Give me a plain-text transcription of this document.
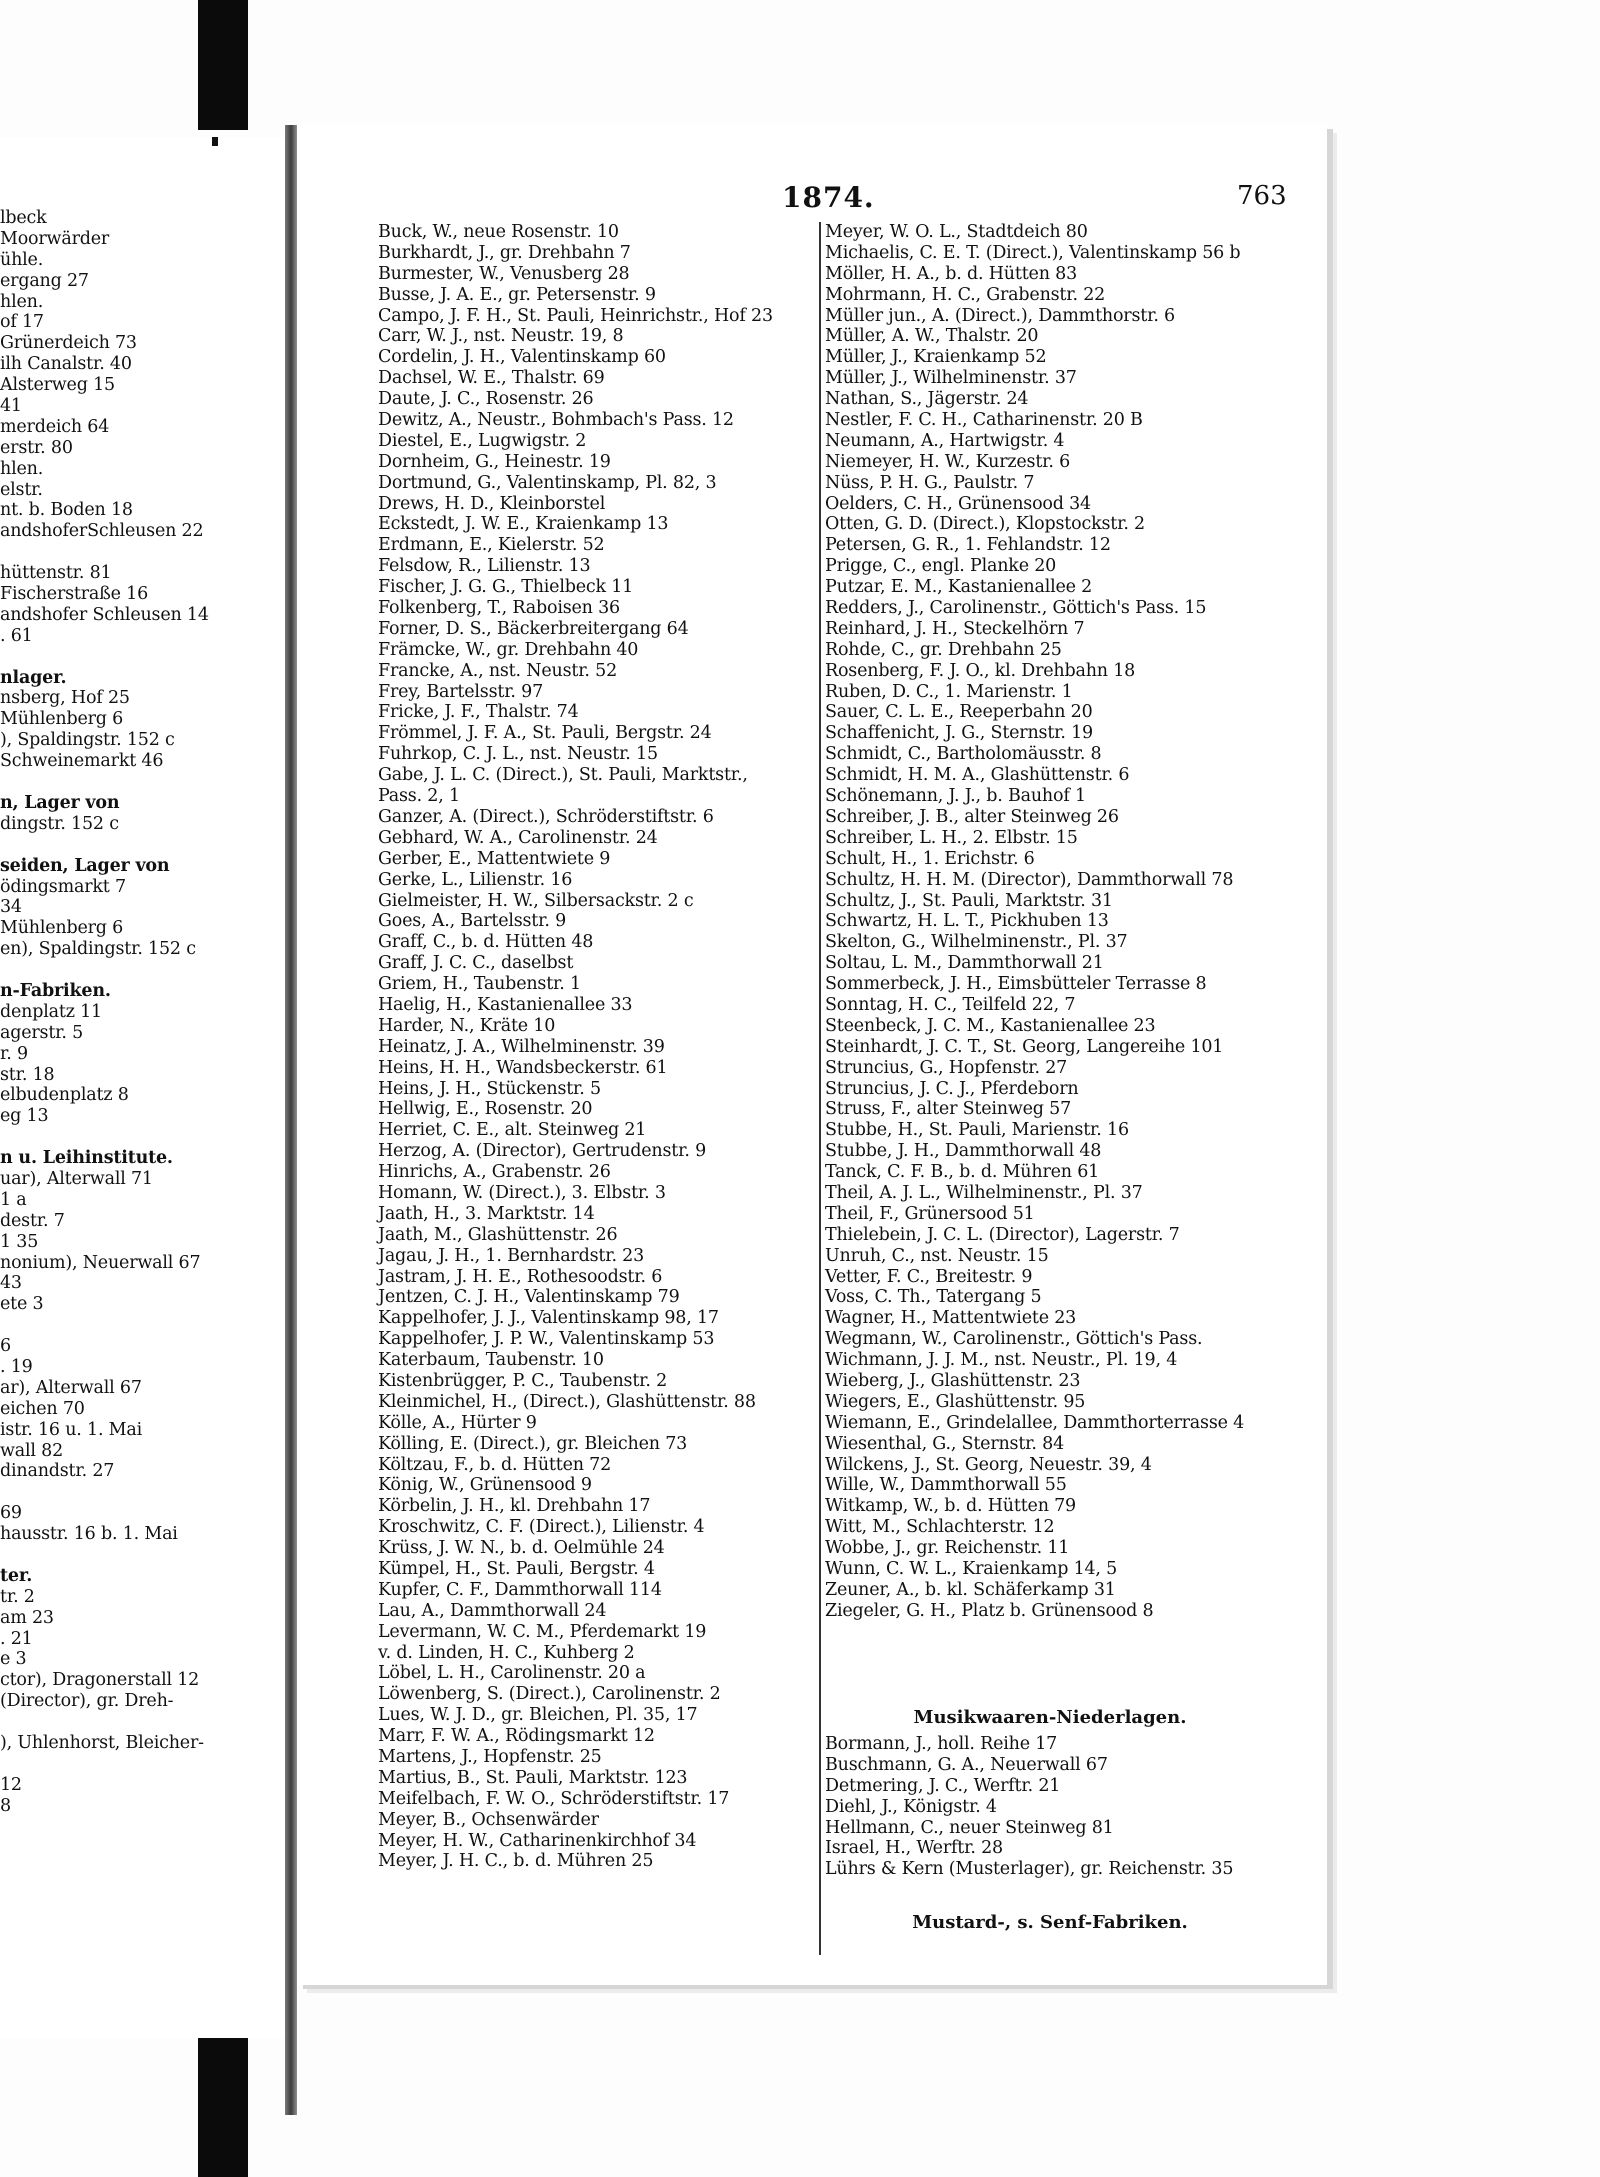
lbeck
Moorwärder
ühle.
ergang 27
hlen.
of 17
Grünerdeich 73
ilh Canalstr. 40
Alsterweg 15
41
merdeich 64
erstr. 80
hlen.
elstr.
nt. b. Boden 18
andshoferSchleusen 22
hüttenstr. 81
Fischerstraße 16
andshofer Schleusen 14
. 61
nlager.
nsberg, Hof 25
Mühlenberg 6
), Spaldingstr. 152 c
Schweinemarkt 46
n, Lager von
dingstr. 152 c
seiden, Lager von
ödingsmarkt 7
34
Mühlenberg 6
en), Spaldingstr. 152 c
n-Fabriken.
denplatz 11
agerstr. 5
r. 9
str. 18
elbudenplatz 8
eg 13
n u. Leihinstitute.
uar), Alterwall 71
1 a
destr. 7
1 35
nonium), Neuerwall 67
43
ete 3
6
. 19
ar), Alterwall 67
eichen 70
istr. 16 u. 1. Mai
wall 82
dinandstr. 27
69
hausstr. 16 b. 1. Mai
ter.
tr. 2
am 23
. 21
e 3
ctor), Dragonerstall 12
(Director), gr. Dreh-
), Uhlenhorst, Bleicher-
12
8
1874.	763
Buck, W., neue Rosenstr. 10
Burkhardt, J., gr. Drehbahn 7
Burmester, W., Venusberg 28
Busse, J. A. E., gr. Petersenstr. 9
Campo, J. F. H., St. Pauli, Heinrichstr., Hof 23
Carr, W. J., nst. Neustr. 19, 8
Cordelin, J. H., Valentinskamp 60
Dachsel, W. E., Thalstr. 69
Daute, J. C., Rosenstr. 26
Dewitz, A., Neustr., Bohmbach's Pass. 12
Diestel, E., Lugwigstr. 2
Dornheim, G., Heinestr. 19
Dortmund, G., Valentinskamp, Pl. 82, 3
Drews, H. D., Kleinborstel
Eckstedt, J. W. E., Kraienkamp 13
Erdmann, E., Kielerstr. 52
Felsdow, R., Lilienstr. 13
Fischer, J. G. G., Thielbeck 11
Folkenberg, T., Raboisen 36
Forner, D. S., Bäckerbreitergang 64
Främcke, W., gr. Drehbahn 40
Francke, A., nst. Neustr. 52
Frey, Bartelsstr. 97
Fricke, J. F., Thalstr. 74
Frömmel, J. F. A., St. Pauli, Bergstr. 24
Fuhrkop, C. J. L., nst. Neustr. 15
Gabe, J. L. C. (Direct.), St. Pauli, Marktstr.,
Pass. 2, 1
Ganzer, A. (Direct.), Schröderstiftstr. 6
Gebhard, W. A., Carolinenstr. 24
Gerber, E., Mattentwiete 9
Gerke, L., Lilienstr. 16
Gielmeister, H. W., Silbersackstr. 2 c
Goes, A., Bartelsstr. 9
Graff, C., b. d. Hütten 48
Graff, J. C. C., daselbst
Griem, H., Taubenstr. 1
Haelig, H., Kastanienallee 33
Harder, N., Kräte 10
Heinatz, J. A., Wilhelminenstr. 39
Heins, H. H., Wandsbeckerstr. 61
Heins, J. H., Stückenstr. 5
Hellwig, E., Rosenstr. 20
Herriet, C. E., alt. Steinweg 21
Herzog, A. (Director), Gertrudenstr. 9
Hinrichs, A., Grabenstr. 26
Homann, W. (Direct.), 3. Elbstr. 3
Jaath, H., 3. Marktstr. 14
Jaath, M., Glashüttenstr. 26
Jagau, J. H., 1. Bernhardstr. 23
Jastram, J. H. E., Rothesoodstr. 6
Jentzen, C. J. H., Valentinskamp 79
Kappelhofer, J. J., Valentinskamp 98, 17
Kappelhofer, J. P. W., Valentinskamp 53
Katerbaum, Taubenstr. 10
Kistenbrügger, P. C., Taubenstr. 2
Kleinmichel, H., (Direct.), Glashüttenstr. 88
Kölle, A., Hürter 9
Kölling, E. (Direct.), gr. Bleichen 73
Költzau, F., b. d. Hütten 72
König, W., Grünensood 9
Körbelin, J. H., kl. Drehbahn 17
Kroschwitz, C. F. (Direct.), Lilienstr. 4
Krüss, J. W. N., b. d. Oelmühle 24
Kümpel, H., St. Pauli, Bergstr. 4
Kupfer, C. F., Dammthorwall 114
Lau, A., Dammthorwall 24
Levermann, W. C. M., Pferdemarkt 19
v. d. Linden, H. C., Kuhberg 2
Löbel, L. H., Carolinenstr. 20 a
Löwenberg, S. (Direct.), Carolinenstr. 2
Lues, W. J. D., gr. Bleichen, Pl. 35, 17
Marr, F. W. A., Rödingsmarkt 12
Martens, J., Hopfenstr. 25
Martius, B., St. Pauli, Marktstr. 123
Meifelbach, F. W. O., Schröderstiftstr. 17
Meyer, B., Ochsenwärder
Meyer, H. W., Catharinenkirchhof 34
Meyer, J. H. C., b. d. Mühren 25
Meyer, W. O. L., Stadtdeich 80
Michaelis, C. E. T. (Direct.), Valentinskamp 56 b
Möller, H. A., b. d. Hütten 83
Mohrmann, H. C., Grabenstr. 22
Müller jun., A. (Direct.), Dammthorstr. 6
Müller, A. W., Thalstr. 20
Müller, J., Kraienkamp 52
Müller, J., Wilhelminenstr. 37
Nathan, S., Jägerstr. 24
Nestler, F. C. H., Catharinenstr. 20 B
Neumann, A., Hartwigstr. 4
Niemeyer, H. W., Kurzestr. 6
Nüss, P. H. G., Paulstr. 7
Oelders, C. H., Grünensood 34
Otten, G. D. (Direct.), Klopstockstr. 2
Petersen, G. R., 1. Fehlandstr. 12
Prigge, C., engl. Planke 20
Putzar, E. M., Kastanienallee 2
Redders, J., Carolinenstr., Göttich's Pass. 15
Reinhard, J. H., Steckelhörn 7
Rohde, C., gr. Drehbahn 25
Rosenberg, F. J. O., kl. Drehbahn 18
Ruben, D. C., 1. Marienstr. 1
Sauer, C. L. E., Reeperbahn 20
Schaffenicht, J. G., Sternstr. 19
Schmidt, C., Bartholomäusstr. 8
Schmidt, H. M. A., Glashüttenstr. 6
Schönemann, J. J., b. Bauhof 1
Schreiber, J. B., alter Steinweg 26
Schreiber, L. H., 2. Elbstr. 15
Schult, H., 1. Erichstr. 6
Schultz, H. H. M. (Director), Dammthorwall 78
Schultz, J., St. Pauli, Marktstr. 31
Schwartz, H. L. T., Pickhuben 13
Skelton, G., Wilhelminenstr., Pl. 37
Soltau, L. M., Dammthorwall 21
Sommerbeck, J. H., Eimsbütteler Terrasse 8
Sonntag, H. C., Teilfeld 22, 7
Steenbeck, J. C. M., Kastanienallee 23
Steinhardt, J. C. T., St. Georg, Langereihe 101
Struncius, G., Hopfenstr. 27
Struncius, J. C. J., Pferdeborn
Struss, F., alter Steinweg 57
Stubbe, H., St. Pauli, Marienstr. 16
Stubbe, J. H., Dammthorwall 48
Tanck, C. F. B., b. d. Mühren 61
Theil, A. J. L., Wilhelminenstr., Pl. 37
Theil, F., Grünersood 51
Thielebein, J. C. L. (Director), Lagerstr. 7
Unruh, C., nst. Neustr. 15
Vetter, F. C., Breitestr. 9
Voss, C. Th., Tatergang 5
Wagner, H., Mattentwiete 23
Wegmann, W., Carolinenstr., Göttich's Pass.
Wichmann, J. J. M., nst. Neustr., Pl. 19, 4
Wieberg, J., Glashüttenstr. 23
Wiegers, E., Glashüttenstr. 95
Wiemann, E., Grindelallee, Dammthorterrasse 4
Wiesenthal, G., Sternstr. 84
Wilckens, J., St. Georg, Neuestr. 39, 4
Wille, W., Dammthorwall 55
Witkamp, W., b. d. Hütten 79
Witt, M., Schlachterstr. 12
Wobbe, J., gr. Reichenstr. 11
Wunn, C. W. L., Kraienkamp 14, 5
Zeuner, A., b. kl. Schäferkamp 31
Ziegeler, G. H., Platz b. Grünensood 8
Musikwaaren-Niederlagen.
Bormann, J., holl. Reihe 17
Buschmann, G. A., Neuerwall 67
Detmering, J. C., Werftr. 21
Diehl, J., Königstr. 4
Hellmann, C., neuer Steinweg 81
Israel, H., Werftr. 28
Lührs & Kern (Musterlager), gr. Reichenstr. 35
Mustard-, s. Senf-Fabriken.
